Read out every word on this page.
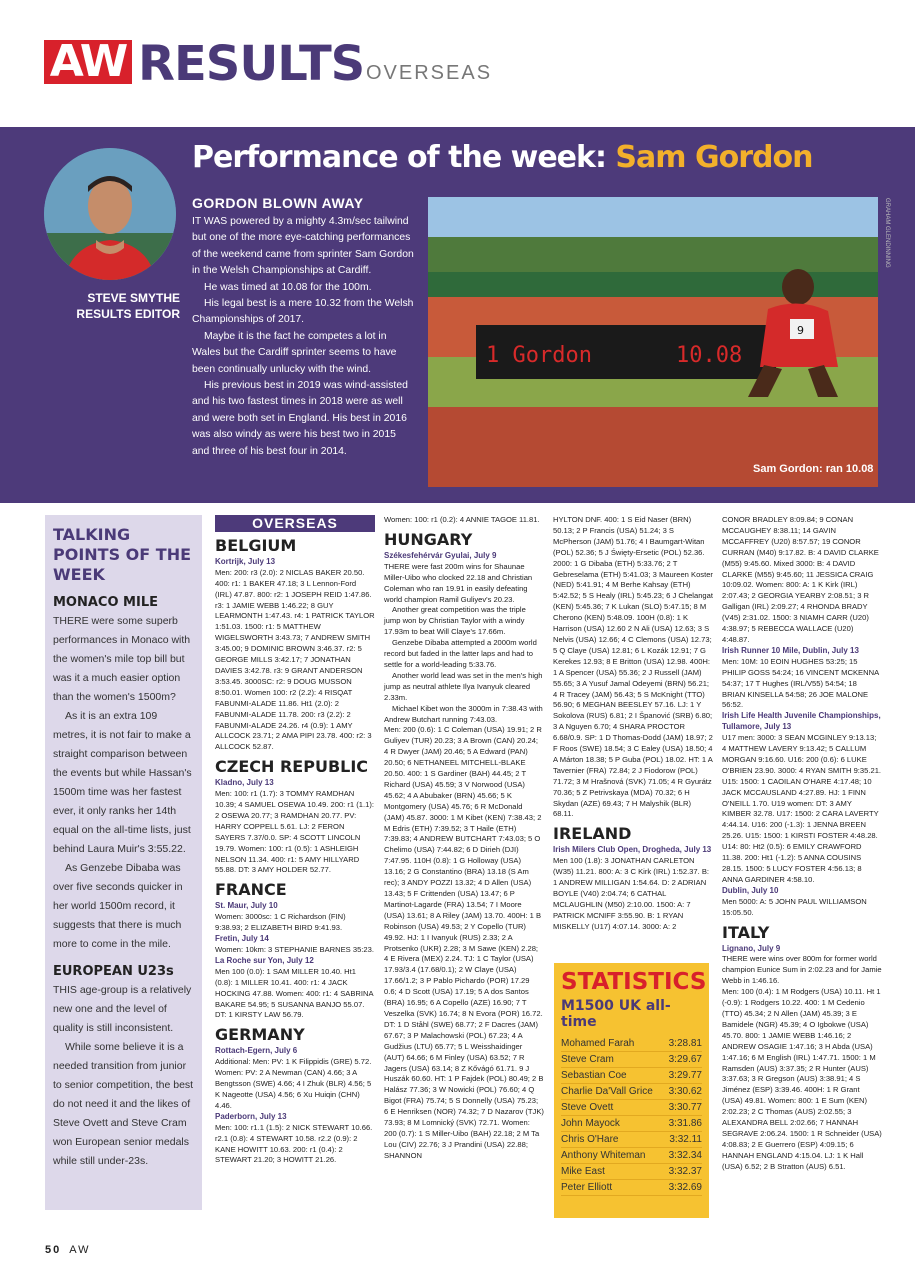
AW RESULTS OVERSEAS
STEVE SMYTHE
RESULTS EDITOR
Performance of the week: Sam Gordon
GORDON BLOWN AWAY

IT WAS powered by a mighty 4.3m/sec tailwind but one of the more eye-catching performances of the weekend came from sprinter Sam Gordon in the Welsh Championships at Cardiff.

He was timed at 10.08 for the 100m.

His legal best is a mere 10.32 from the Welsh Championships of 2017.

Maybe it is the fact he competes a lot in Wales but the Cardiff sprinter seems to have been continually unlucky with the wind.

His previous best in 2019 was wind-assisted and his two fastest times in 2018 were as well and were both set in England. His best in 2016 was also windy as were his best two in 2015 and three of his best four in 2014.

1 Gordon	10.08
9
GRAHAM GLENDINNING
Sam Gordon: ran 10.08
TALKING POINTS OF THE WEEK
MONACO MILE

THERE were some superb performances in Monaco with the women's mile top bill but was it a much easier option than the women's 1500m?

As it is an extra 109 metres, it is not fair to make a straight comparison between the events but while Hassan's 1500m time was her fastest ever, it only ranks her 14th equal on the all-time lists, just behind Laura Muir's 3:55.22.

As Genzebe Dibaba was over five seconds quicker in her world 1500m record, it suggests that there is much more to come in the mile.

EUROPEAN U23s

THIS age-group is a relatively new one and the level of quality is still inconsistent.

While some believe it is a needed transition from junior to senior competition, the best do not need it and the likes of Steve Ovett and Steve Cram won European senior medals while still under-23s.

OVERSEAS
BELGIUM
Kortrijk, July 13

Men: 200: r3 (2.0): 2 NICLAS BAKER 20.50. 400: r1: 1 BAKER 47.18; 3 L Lennon-Ford (IRL) 47.87. 800: r2: 1 JOSEPH REID 1:47.86. r3: 1 JAMIE WEBB 1:46.22; 8 GUY LEARMONTH 1:47.43. r4: 1 PATRICK TAYLOR 1:51.03. 1500: r1: 5 MATTHEW WIGELSWORTH 3:43.73; 7 ANDREW SMITH 3:45.00; 9 DOMINIC BROWN 3:46.37. r2: 5 GEORGE MILLS 3:42.17; 7 JONATHAN DAVIES 3:42.78. r3: 9 GRANT ANDERSON 3:53.45. 3000SC: r2: 9 DOUG MUSSON 8:50.01. Women 100: r2 (2.2): 4 RISQAT FABUNMI-ALADE 11.86. Ht1 (2.0): 2 FABUNMI-ALADE 11.78. 200: r3 (2.2): 2 FABUNMI-ALADE 24.26. r4 (0.9): 1 AMY ALLCOCK 23.71; 2 AMA PIPI 23.78. 400: r2: 3 ALLCOCK 52.87.

CZECH REPUBLIC
Kladno, July 13

Men: 100: r1 (1.7): 3 TOMMY RAMDHAN 10.39; 4 SAMUEL OSEWA 10.49. 200: r1 (1.1): 2 OSEWA 20.77; 3 RAMDHAN 20.77. PV: HARRY COPPELL 5.61. LJ: 2 FERON SAYERS 7.37/0.0. SP: 4 SCOTT LINCOLN 19.79. Women: 100: r1 (0.5): 1 ASHLEIGH NELSON 11.34. 400: r1: 5 AMY HILLYARD 55.88. DT: 3 AMY HOLDER 52.77.

FRANCE
St. Maur, July 10

Women: 3000sc: 1 C Richardson (FIN) 9:38.93; 2 ELIZABETH BIRD 9:41.93.

Fretin, July 14

Women: 10km: 3 STEPHANIE BARNES 35:23.

La Roche sur Yon, July 12

Men 100 (0.0): 1 SAM MILLER 10.40. Ht1 (0.8): 1 MILLER 10.41. 400: r1: 4 JACK HOCKING 47.88. Women: 400: r1: 4 SABRINA BAKARE 54.95; 5 SUSANNA BANJO 55.07. DT: 1 KIRSTY LAW 56.79.

GERMANY
Rottach-Egern, July 6

Additional: Men: PV: 1 K Filippidis (GRE) 5.72. Women: PV: 2 A Newman (CAN) 4.66; 3 A Bengtsson (SWE) 4.66; 4 I Zhuk (BLR) 4.56; 5 K Nageotte (USA) 4.56; 6 Xu Huiqin (CHN) 4.46.

Paderborn, July 13

Men: 100: r1.1 (1.5): 2 NICK STEWART 10.66. r2.1 (0.8): 4 STEWART 10.58. r2.2 (0.9): 2 KANE HOWITT 10.63. 200: r1 (0.4): 2 STEWART 21.20; 3 HOWITT 21.26.

Women: 100: r1 (0.2): 4 ANNIE TAGOE 11.81.

HUNGARY
Székesfehérvár Gyulai, July 9

THERE were fast 200m wins for Shaunae Miller-Uibo who clocked 22.18 and Christian Coleman who ran 19.91 in easily defeating world champion Ramil Guliyev's 20.23.

Another great competition was the triple jump won by Christian Taylor with a windy 17.93m to beat Will Claye's 17.66m.

Genzebe Dibaba attempted a 2000m world record but faded in the latter laps and had to settle for a world-leading 5:33.76.

Another world lead was set in the men's high jump as neutral athlete Ilya Ivanyuk cleared 2.33m.

Michael Kibet won the 3000m in 7:38.43 with Andrew Butchart running 7:43.03.

Men: 200 (0.6): 1 C Coleman (USA) 19.91; 2 R Guliyev (TUR) 20.23; 3 A Brown (CAN) 20.24; 4 R Dwyer (JAM) 20.46; 5 A Edward (PAN) 20.50; 6 NETHANEEL MITCHELL-BLAKE 20.50. 400: 1 S Gardiner (BAH) 44.45; 2 T Richard (USA) 45.59; 3 V Norwood (USA) 45.62; 4 A Abubaker (BRN) 45.66; 5 K Montgomery (USA) 45.76; 6 R McDonald (JAM) 45.87. 3000: 1 M Kibet (KEN) 7:38.43; 2 M Edris (ETH) 7:39.52; 3 T Haile (ETH) 7:39.83; 4 ANDREW BUTCHART 7:43.03; 5 O Chelimo (USA) 7:44.82; 6 D Dirieh (DJI) 7:47.95. 110H (0.8): 1 G Holloway (USA) 13.16; 2 G Constantino (BRA) 13.18 (S Am rec); 3 ANDY POZZI 13.32; 4 D Allen (USA) 13.43; 5 F Crittenden (USA) 13.47; 6 P Martinot-Lagarde (FRA) 13.54; 7 I Moore (USA) 13.61; 8 A Riley (JAM) 13.70. 400H: 1 B Robinson (USA) 49.53; 2 Y Copello (TUR) 49.92. HJ: 1 I Ivanyuk (RUS) 2.33; 2 A Protsenko (UKR) 2.28; 3 M Sawe (KEN) 2.28; 4 E Rivera (MEX) 2.24. TJ: 1 C Taylor (USA) 17.93/3.4 (17.68/0.1); 2 W Claye (USA) 17.66/1.2; 3 P Pablo Pichardo (POR) 17.29 0.6; 4 D Scott (USA) 17.19; 5 A dos Santos (BRA) 16.95; 6 A Copello (AZE) 16.90; 7 T Veszelka (SVK) 16.74; 8 N Evora (POR) 16.72. DT: 1 D Ståhl (SWE) 68.77; 2 F Dacres (JAM) 67.67; 3 P Malachowski (POL) 67.23; 4 A Gudžius (LTU) 65.77; 5 L Weisshaidinger (AUT) 64.66; 6 M Finley (USA) 63.52; 7 R Jagers (USA) 63.14; 8 Z Kővágó 61.71. 9 J Huszák 60.60. HT: 1 P Fajdek (POL) 80.49; 2 B Halász 77.36; 3 W Nowicki (POL) 76.60; 4 Q Bigot (FRA) 75.74; 5 S Donnelly (USA) 75.23; 6 E Henriksen (NOR) 74.32; 7 D Nazarov (TJK) 73.93; 8 M Lomnický (SVK) 72.71. Women: 200 (0.7): 1 S Miller-Uibo (BAH) 22.18; 2 M Ta Lou (CIV) 22.76; 3 J Prandini (USA) 22.88; SHANNON

HYLTON DNF. 400: 1 S Eid Naser (BRN) 50.13; 2 P Francis (USA) 51.24; 3 S McPherson (JAM) 51.76; 4 I Baumgart-Witan (POL) 52.36; 5 J Święty-Ersetic (POL) 52.36. 2000: 1 G Dibaba (ETH) 5:33.76; 2 T Gebreselama (ETH) 5:41.03; 3 Maureen Koster (NED) 5:41.91; 4 M Berhe Kahsay (ETH) 5:42.52; 5 S Healy (IRL) 5:45.23; 6 J Chelangat (KEN) 5:45.36; 7 K Lukan (SLO) 5:47.15; 8 M Cherono (KEN) 5:48.09. 100H (0.8): 1 K Harrison (USA) 12.60 2 N Ali (USA) 12.63; 3 S Nelvis (USA) 12.66; 4 C Clemons (USA) 12.73; 5 Q Claye (USA) 12.81; 6 L Kozák 12.91; 7 G Kerekes 12.93; 8 E Britton (USA) 12.98. 400H: 1 A Spencer (USA) 55.36; 2 J Russell (JAM) 55.65; 3 A Yusuf Jamal Odeyemi (BRN) 56.21; 4 R Tracey (JAM) 56.43; 5 S McKnight (TTO) 56.90; 6 MEGHAN BEESLEY 57.16. LJ: 1 Y Sokolova (RUS) 6.81; 2 I Španović (SRB) 6.80; 3 A Nguyen 6.70; 4 SHARA PROCTOR 6.68/0.9. SP: 1 D Thomas-Dodd (JAM) 18.97; 2 F Roos (SWE) 18.54; 3 C Ealey (USA) 18.50; 4 A Márton 18.38; 5 P Guba (POL) 18.02. HT: 1 A Tavernier (FRA) 72.84; 2 J Fiodorow (POL) 71.72; 3 M Hrašnová (SVK) 71.05; 4 R Gyurátz 70.36; 5 Z Petrivskaya (MDA) 70.32; 6 H Skydan (AZE) 69.43; 7 H Malyshik (BLR) 68.11.

IRELAND
Irish Milers Club Open, Drogheda, July 13

Men 100 (1.8): 3 JONATHAN CARLETON (W35) 11.21. 800: A: 3 C Kirk (IRL) 1:52.37. B: 1 ANDREW MILLIGAN 1:54.64. D: 2 ADRIAN BOYLE (V40) 2:04.74; 6 CATHAL MCLAUGHLIN (M50) 2:10.00. 1500: A: 7 PATRICK MCNIFF 3:55.90. B: 1 RYAN MISKELLY (U17) 4:07.14. 3000: A: 2

STATISTICS
M1500 UK all-time
Mohamed Farah	3:28.81
Steve Cram	3:29.67
Sebastian Coe	3:29.77
Charlie Da'Vall Grice 3:30.62
Steve Ovett	3:30.77
John Mayock	3:31.86
Chris O'Hare	3:32.11
Anthony Whiteman 3:32.34
Mike East	3:32.37
Peter Elliott	3:32.69

CONOR BRADLEY 8:09.84; 9 CONAN MCCAUGHEY 8:38.11; 14 GAVIN MCCAFFREY (U20) 8:57.57; 19 CONOR CURRAN (M40) 9:17.82. B: 4 DAVID CLARKE (M55) 9:45.60. Mixed 3000: B: 4 DAVID CLARKE (M55) 9:45.60; 11 JESSICA CRAIG 10:09.02. Women: 800: A: 1 K Kirk (IRL) 2:07.43; 2 GEORGIA YEARBY 2:08.51; 3 R Galligan (IRL) 2:09.27; 4 RHONDA BRADY (V45) 2:31.02. 1500: 3 NIAMH CARR (U20) 4:38.97; 5 REBECCA WALLACE (U20) 4:48.87.

Irish Runner 10 Mile, Dublin, July 13

Men: 10M: 10 EOIN HUGHES 53:25; 15 PHILIP GOSS 54:24; 16 VINCENT MCKENNA 54:37; 17 T Hughes (IRL/V55) 54:54; 18 BRIAN KINSELLA 54:58; 26 JOE MALONE 56:52.

Irish Life Health Juvenile Championships, Tullamore, July 13

U17 men: 3000: 3 SEAN MCGINLEY 9:13.13; 4 MATTHEW LAVERY 9:13.42; 5 CALLUM MORGAN 9:16.60. U16: 200 (0.6): 6 LUKE O'BRIEN 23.90. 3000: 4 RYAN SMITH 9:35.21. U15: 1500: 1 CAOILAN O'HARE 4:17.48; 10 JACK MCCAUSLAND 4:27.89. HJ: 1 FINN O'NEILL 1.70. U19 women: DT: 3 AMY KIMBER 32.78. U17: 1500: 2 CARA LAVERTY 4:44.14. U16: 200 (-1.3): 1 JENNA BREEN 25.26. U15: 1500: 1 KIRSTI FOSTER 4:48.28. U14: 80: Ht2 (0.5): 6 EMILY CRAWFORD 11.38. 200: Ht1 (-1.2): 5 ANNA COUSINS 28.15. 1500: 5 LUCY FOSTER 4:56.13; 8 ANNA GARDINER 4:58.10.

Dublin, July 10

Men 5000: A: 5 JOHN PAUL WILLIAMSON 15:05.50.

ITALY
Lignano, July 9

THERE were wins over 800m for former world champion Eunice Sum in 2:02.23 and for Jamie Webb in 1:46.16.

Men: 100 (0.4): 1 M Rodgers (USA) 10.11. Ht 1 (-0.9): 1 Rodgers 10.22. 400: 1 M Cedenio (TTO) 45.34; 2 N Allen (JAM) 45.39; 3 E Bamidele (NGR) 45.39; 4 O Igbokwe (USA) 45.70. 800: 1 JAMIE WEBB 1:46.16; 2 ANDREW OSAGIE 1:47.16; 3 H Abda (USA) 1:47.16; 6 M English (IRL) 1:47.71. 1500: 1 M Ramsden (AUS) 3:37.35; 2 R Hunter (AUS) 3:37.63; 3 R Gregson (AUS) 3:38.91; 4 S Jiménez (ESP) 3:39.46. 400H: 1 R Grant (USA) 49.81. Women: 800: 1 E Sum (KEN) 2:02.23; 2 C Thomas (AUS) 2:02.55; 3 ALEXANDRA BELL 2:02.66; 7 HANNAH SEGRAVE 2:06.24. 1500: 1 R Schneider (USA) 4:08.83; 2 E Guerrero (ESP) 4:09.15; 6 HANNAH ENGLAND 4:15.04. LJ: 1 K Hall (USA) 6.52; 2 B Stratton (AUS) 6.51.

50 AW
